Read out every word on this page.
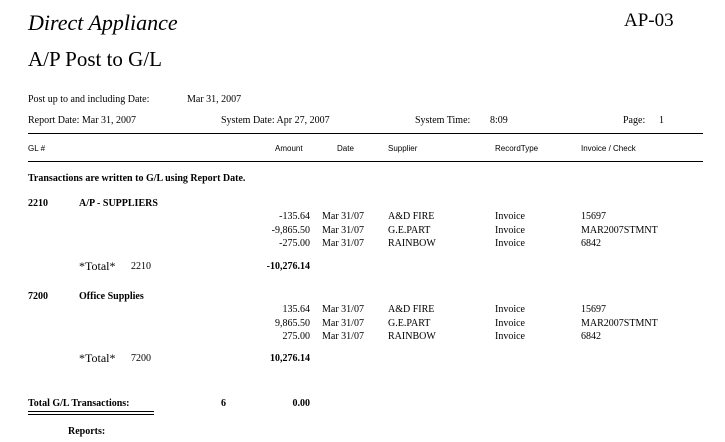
Direct Appliance	AP-03
A/P Post to G/L
Post up to and including Date:	Mar 31, 2007
Report Date: Mar 31, 2007	System Date: Apr 27, 2007	System Time: 8:09	Page: 1
GL #	Amount	Date	Supplier	RecordType	Invoice / Check
Transactions are written to G/L using Report Date.
2210	A/P - SUPPLIERS
-135.64 Mar 31/07 A&D FIRE	Invoice	15697
-9,865.50 Mar 31/07 G.E.PART	Invoice	MAR2007STMNT
-275.00 Mar 31/07 RAINBOW	Invoice	6842
*Total* 2210	-10,276.14
7200	Office Supplies
135.64 Mar 31/07 A&D FIRE	Invoice	15697
9,865.50 Mar 31/07 G.E.PART	Invoice	MAR2007STMNT
275.00 Mar 31/07 RAINBOW	Invoice	6842
*Total* 7200	10,276.14
Total G/L Transactions:	6	0.00
Reports:
